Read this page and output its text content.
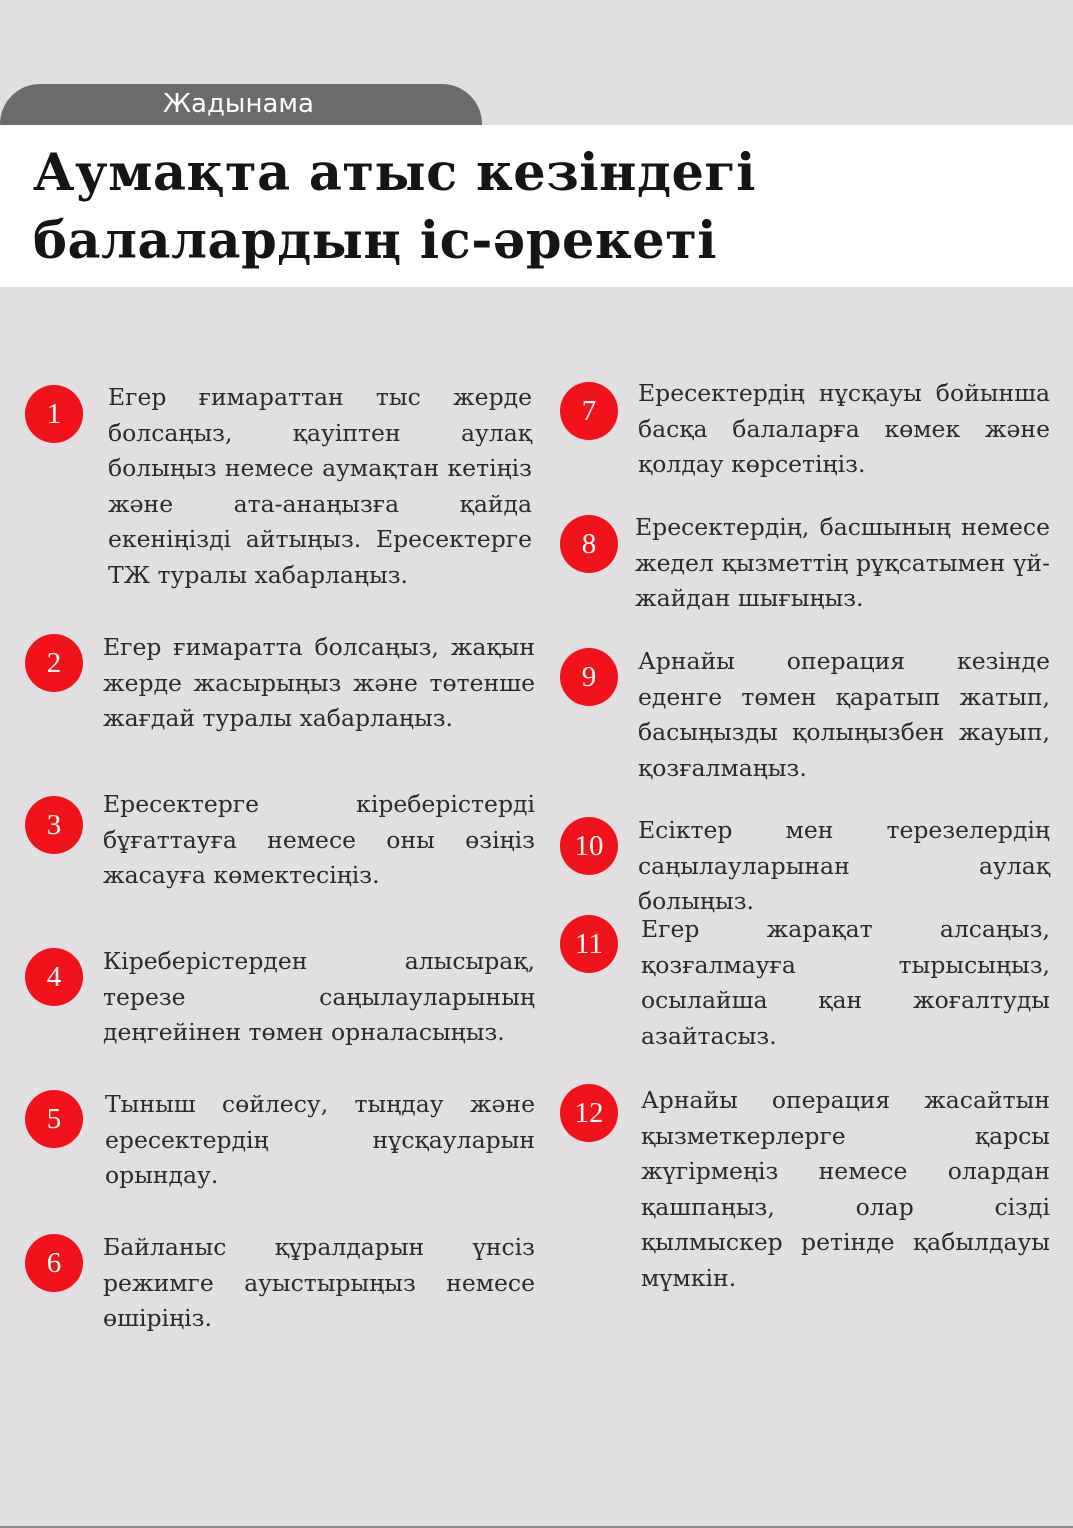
Жадынама
Аумақта атыс кезіндегі
балалардың іс-әрекеті
1

Егер ғимараттан тыс жерде болсаңыз, қауіптен аулақ болыңыз немесе аумақтан кетіңіз және ата-анаңызға қайда екеніңізді айтыңыз. Ересектерге ТЖ туралы хабарлаңыз.

2	Егер ғимаратта болсаңыз, жақын жерде жасырыңыз және төтенше жағдай туралы хабарлаңыз.

3

Ересектерге кіреберістерді бұғаттауға немесе оны өзіңіз жасауға көмектесіңіз.

4	Кіреберістерден алысырақ, терезе саңылауларының деңгейінен төмен орналасыңыз.

5	Тыныш сөйлесу, тыңдау және ересектердің нұсқауларын орындау.

6	Байланыс құралдарын үнсіз режимге ауыстырыңыз немесе өшіріңіз.

7

Ересектердің нұсқауы бойынша басқа балаларға көмек және қолдау көрсетіңіз.

8

Ересектердің, басшының немесе жедел қызметтің рұқсатымен үй-жайдан шығыңыз.

9	Арнайы операция кезінде еденге төмен қаратып жатып, басыңызды қолыңызбен жауып, қозғалмаңыз.

10	Есіктер мен терезелердің саңылауларынан аулақ болыңыз.

11	Егер жарақат алсаңыз, қозғалмауға тырысыңыз, осылайша қан жоғалтуды азайтасыз.

12	Арнайы операция жасайтын қызметкерлерге қарсы жүгірмеңіз немесе олардан қашпаңыз, олар сізді қылмыскер ретінде қабылдауы мүмкін.
